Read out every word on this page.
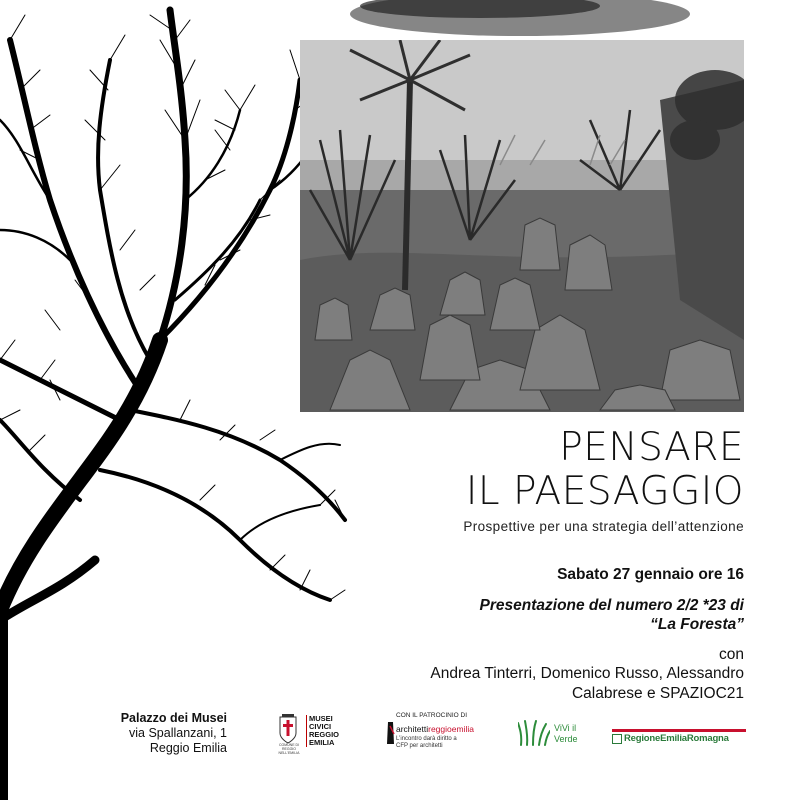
PENSARE
IL PAESAGGIO
Prospettive per una strategia dell’attenzione
Sabato 27 gennaio ore 16
Presentazione del numero 2/2 *23 di
“La Foresta”
con
Andrea Tinterri, Domenico Russo, Alessandro
Calabrese e SPAZIOC21
Palazzo dei Musei
via Spallanzani, 1
Reggio Emilia	COMUNE DI REGGIO NELL'EMILIA
MUSEI
CIVICI
REGGIO
EMILIA
CON IL PATROCINIO DI
architettireggioemilia
L’incontro darà diritto a
CFP per architetti
ViVi il
Verde	RegioneEmiliaRomagna
